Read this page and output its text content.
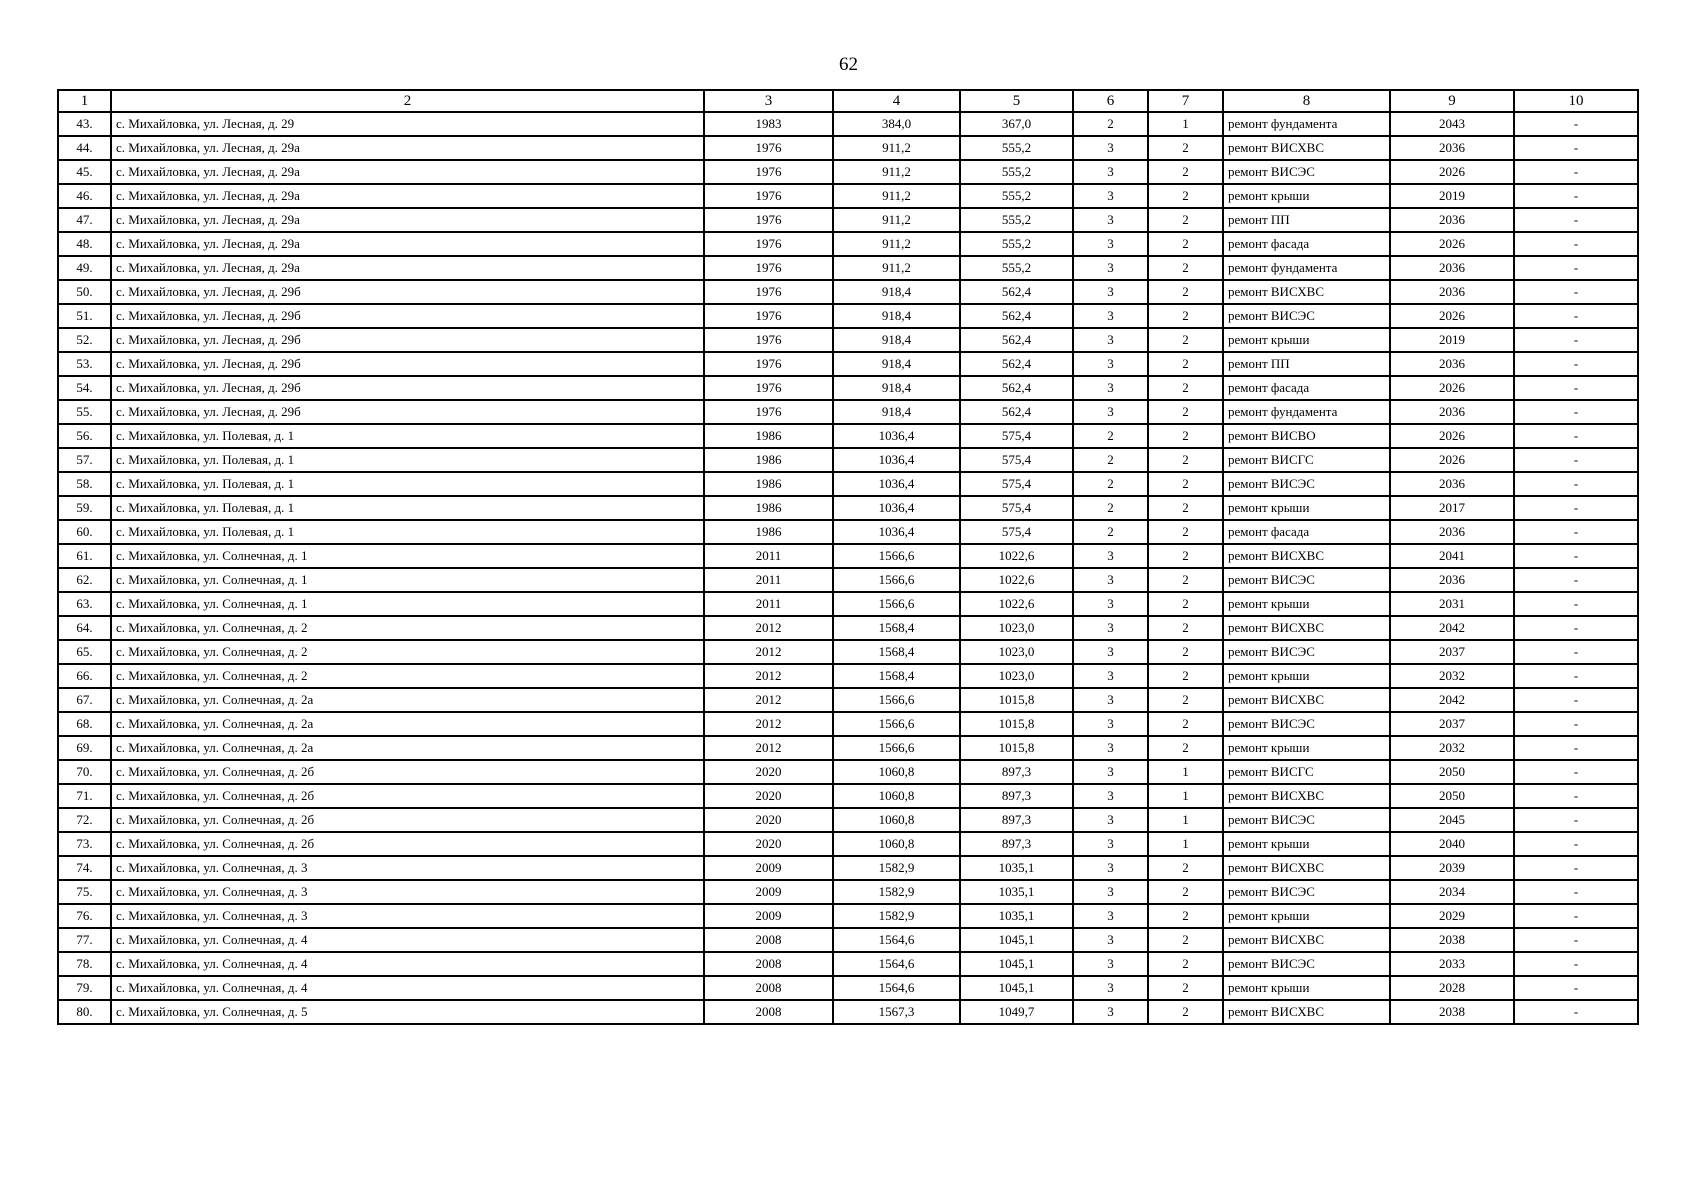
62
1	2	3	4	5	6	7	8	9	10
43.	с. Михайловка, ул. Лесная, д. 29	1983	384,0	367,0	2	1	ремонт фундамента	2043	-
44.	с. Михайловка, ул. Лесная, д. 29а	1976	911,2	555,2	3	2	ремонт ВИСХВС	2036	-
45.	с. Михайловка, ул. Лесная, д. 29а	1976	911,2	555,2	3	2	ремонт ВИСЭС	2026	-
46.	с. Михайловка, ул. Лесная, д. 29а	1976	911,2	555,2	3	2	ремонт крыши	2019	-
47.	с. Михайловка, ул. Лесная, д. 29а	1976	911,2	555,2	3	2	ремонт ПП	2036	-
48.	с. Михайловка, ул. Лесная, д. 29а	1976	911,2	555,2	3	2	ремонт фасада	2026	-
49.	с. Михайловка, ул. Лесная, д. 29а	1976	911,2	555,2	3	2	ремонт фундамента	2036	-
50.	с. Михайловка, ул. Лесная, д. 29б	1976	918,4	562,4	3	2	ремонт ВИСХВС	2036	-
51.	с. Михайловка, ул. Лесная, д. 29б	1976	918,4	562,4	3	2	ремонт ВИСЭС	2026	-
52.	с. Михайловка, ул. Лесная, д. 29б	1976	918,4	562,4	3	2	ремонт крыши	2019	-
53.	с. Михайловка, ул. Лесная, д. 29б	1976	918,4	562,4	3	2	ремонт ПП	2036	-
54.	с. Михайловка, ул. Лесная, д. 29б	1976	918,4	562,4	3	2	ремонт фасада	2026	-
55.	с. Михайловка, ул. Лесная, д. 29б	1976	918,4	562,4	3	2	ремонт фундамента	2036	-
56.	с. Михайловка, ул. Полевая, д. 1	1986	1036,4	575,4	2	2	ремонт ВИСВО	2026	-
57.	с. Михайловка, ул. Полевая, д. 1	1986	1036,4	575,4	2	2	ремонт ВИСГС	2026	-
58.	с. Михайловка, ул. Полевая, д. 1	1986	1036,4	575,4	2	2	ремонт ВИСЭС	2036	-
59.	с. Михайловка, ул. Полевая, д. 1	1986	1036,4	575,4	2	2	ремонт крыши	2017	-
60.	с. Михайловка, ул. Полевая, д. 1	1986	1036,4	575,4	2	2	ремонт фасада	2036	-
61.	с. Михайловка, ул. Солнечная, д. 1	2011	1566,6	1022,6	3	2	ремонт ВИСХВС	2041	-
62.	с. Михайловка, ул. Солнечная, д. 1	2011	1566,6	1022,6	3	2	ремонт ВИСЭС	2036	-
63.	с. Михайловка, ул. Солнечная, д. 1	2011	1566,6	1022,6	3	2	ремонт крыши	2031	-
64.	с. Михайловка, ул. Солнечная, д. 2	2012	1568,4	1023,0	3	2	ремонт ВИСХВС	2042	-
65.	с. Михайловка, ул. Солнечная, д. 2	2012	1568,4	1023,0	3	2	ремонт ВИСЭС	2037	-
66.	с. Михайловка, ул. Солнечная, д. 2	2012	1568,4	1023,0	3	2	ремонт крыши	2032	-
67.	с. Михайловка, ул. Солнечная, д. 2а	2012	1566,6	1015,8	3	2	ремонт ВИСХВС	2042	-
68.	с. Михайловка, ул. Солнечная, д. 2а	2012	1566,6	1015,8	3	2	ремонт ВИСЭС	2037	-
69.	с. Михайловка, ул. Солнечная, д. 2а	2012	1566,6	1015,8	3	2	ремонт крыши	2032	-
70.	с. Михайловка, ул. Солнечная, д. 2б	2020	1060,8	897,3	3	1	ремонт ВИСГС	2050	-
71.	с. Михайловка, ул. Солнечная, д. 2б	2020	1060,8	897,3	3	1	ремонт ВИСХВС	2050	-
72.	с. Михайловка, ул. Солнечная, д. 2б	2020	1060,8	897,3	3	1	ремонт ВИСЭС	2045	-
73.	с. Михайловка, ул. Солнечная, д. 2б	2020	1060,8	897,3	3	1	ремонт крыши	2040	-
74.	с. Михайловка, ул. Солнечная, д. 3	2009	1582,9	1035,1	3	2	ремонт ВИСХВС	2039	-
75.	с. Михайловка, ул. Солнечная, д. 3	2009	1582,9	1035,1	3	2	ремонт ВИСЭС	2034	-
76.	с. Михайловка, ул. Солнечная, д. 3	2009	1582,9	1035,1	3	2	ремонт крыши	2029	-
77.	с. Михайловка, ул. Солнечная, д. 4	2008	1564,6	1045,1	3	2	ремонт ВИСХВС	2038	-
78.	с. Михайловка, ул. Солнечная, д. 4	2008	1564,6	1045,1	3	2	ремонт ВИСЭС	2033	-
79.	с. Михайловка, ул. Солнечная, д. 4	2008	1564,6	1045,1	3	2	ремонт крыши	2028	-
80.	с. Михайловка, ул. Солнечная, д. 5	2008	1567,3	1049,7	3	2	ремонт ВИСХВС	2038	-
